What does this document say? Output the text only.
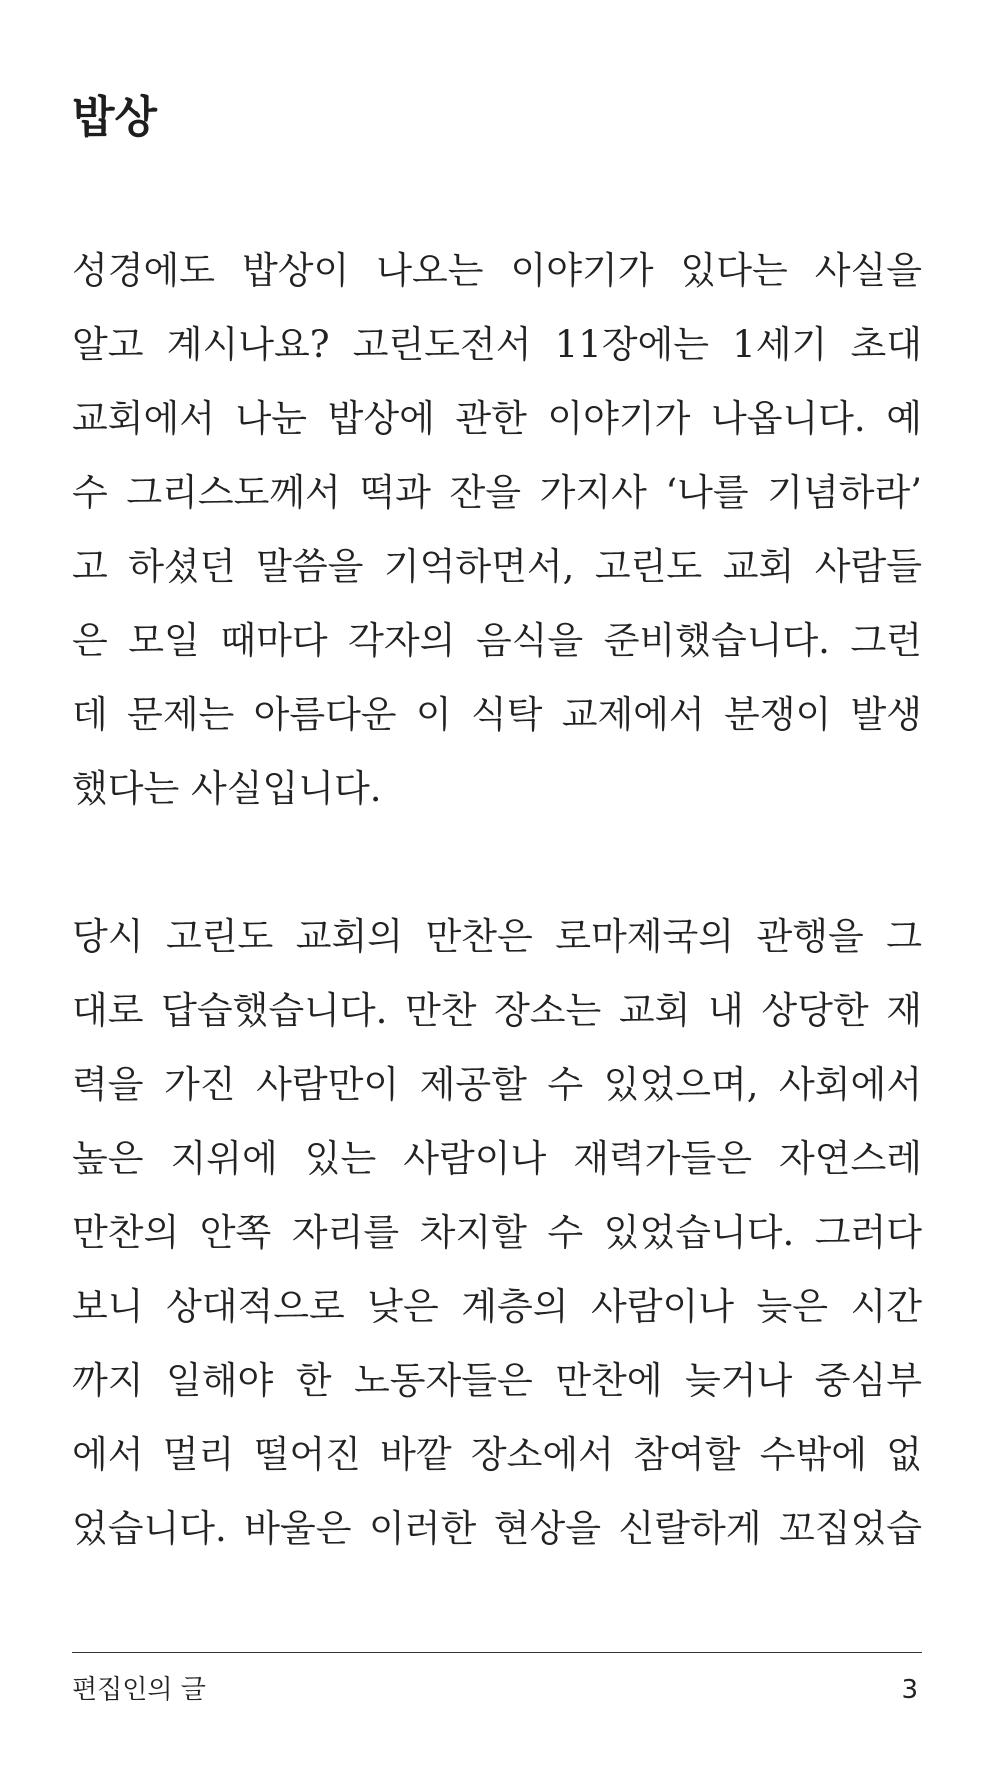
밥상
성경에도 밥상이 나오는 이야기가 있다는 사실을
알고 계시나요? 고린도전서 11장에는 1세기 초대
교회에서 나눈 밥상에 관한 이야기가 나옵니다. 예
수 그리스도께서 떡과 잔을 가지사 ‘나를 기념하라’
고 하셨던 말씀을 기억하면서, 고린도 교회 사람들
은 모일 때마다 각자의 음식을 준비했습니다. 그런
데 문제는 아름다운 이 식탁 교제에서 분쟁이 발생
했다는 사실입니다.
당시 고린도 교회의 만찬은 로마제국의 관행을 그
대로 답습했습니다. 만찬 장소는 교회 내 상당한 재
력을 가진 사람만이 제공할 수 있었으며, 사회에서
높은 지위에 있는 사람이나 재력가들은 자연스레
만찬의 안쪽 자리를 차지할 수 있었습니다. 그러다
보니 상대적으로 낮은 계층의 사람이나 늦은 시간
까지 일해야 한 노동자들은 만찬에 늦거나 중심부
에서 멀리 떨어진 바깥 장소에서 참여할 수밖에 없
었습니다. 바울은 이러한 현상을 신랄하게 꼬집었습
편집인의 글	3
